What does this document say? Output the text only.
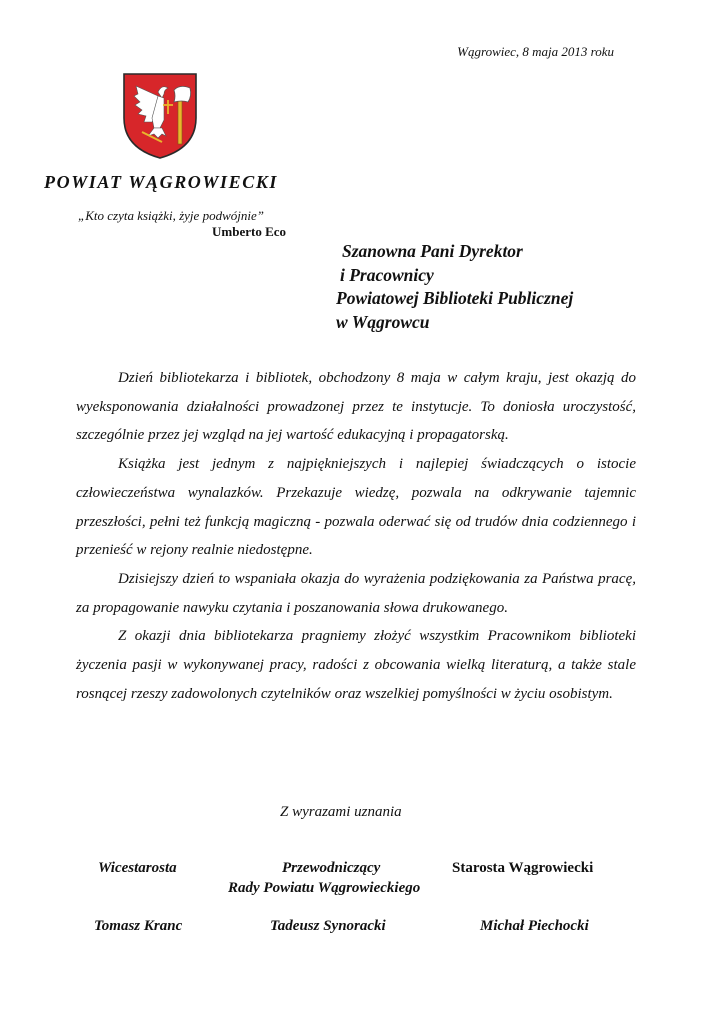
Wągrowiec, 8 maja 2013 roku
POWIAT WĄGROWIECKI
„Kto czyta książki, żyje podwójnie”
Umberto Eco
Szanowna Pani Dyrektor
i Pracownicy
Powiatowej Biblioteki Publicznej
w Wągrowcu

Dzień bibliotekarza i bibliotek, obchodzony 8 maja w całym kraju, jest okazją do wyeksponowania działalności prowadzonej przez te instytucje. To doniosła uroczystość, szczególnie przez jej wzgląd na jej wartość edukacyjną i propagatorską.

Książka jest jednym z najpiękniejszych i najlepiej świadczących o istocie człowieczeństwa wynalazków. Przekazuje wiedzę, pozwala na odkrywanie tajemnic przeszłości, pełni też funkcją magiczną - pozwala oderwać się od trudów dnia codziennego i przenieść w rejony realnie niedostępne.

Dzisiejszy dzień to wspaniała okazja do wyrażenia podziękowania za Państwa pracę, za propagowanie nawyku czytania i poszanowania słowa drukowanego.

Z okazji dnia bibliotekarza pragniemy złożyć wszystkim Pracownikom biblioteki życzenia pasji w wykonywanej pracy, radości z obcowania wielką literaturą, a także stale rosnącej rzeszy zadowolonych czytelników oraz wszelkiej pomyślności w życiu osobistym.

Z wyrazami uznania
Wicestarosta	Przewodniczący	Starosta Wągrowiecki
Rady Powiatu Wągrowieckiego
Tomasz Kranc	Tadeusz Synoracki	Michał Piechocki
